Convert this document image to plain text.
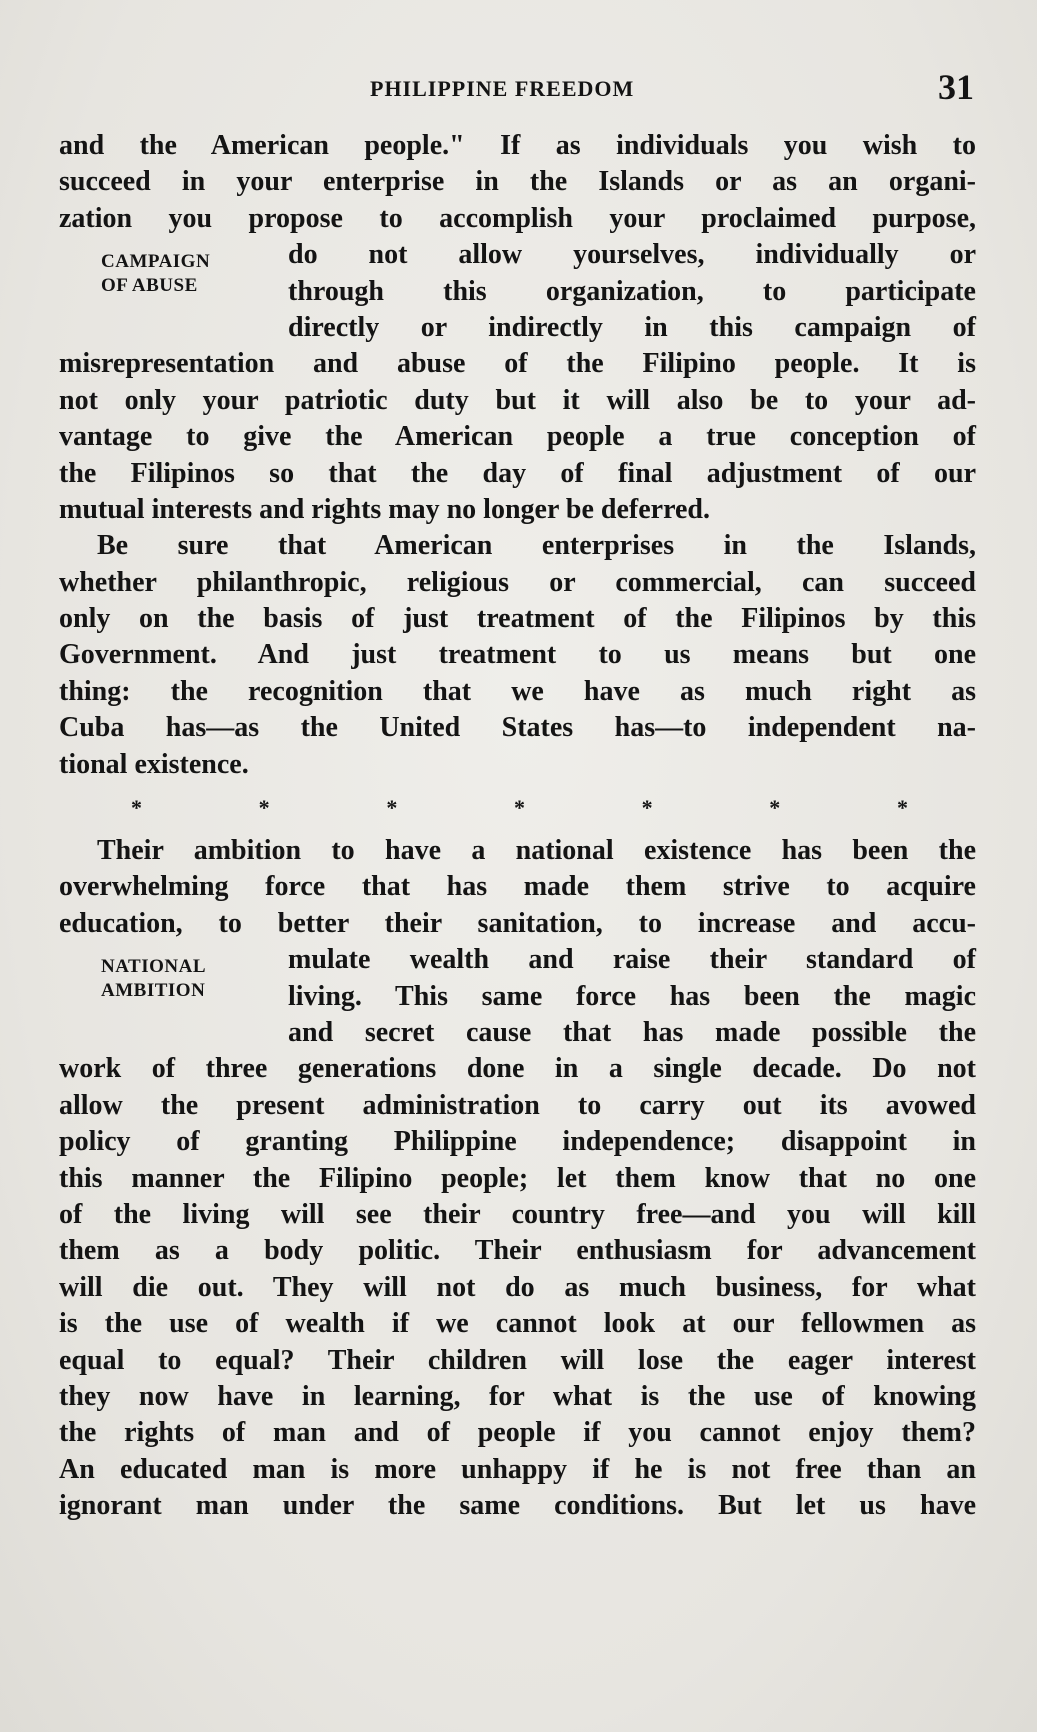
PHILIPPINE FREEDOM	31
and the American people." If as individuals you wish to
succeed in your enterprise in the Islands or as an organi-
zation you propose to accomplish your proclaimed purpose,
CAMPAIGN
OF ABUSE
do not allow yourselves, individually or
through this organization, to participate
directly or indirectly in this campaign of
misrepresentation and abuse of the Filipino people. It is
not only your patriotic duty but it will also be to your ad-
vantage to give the American people a true conception of
the Filipinos so that the day of final adjustment of our
mutual interests and rights may no longer be deferred.
Be sure that American enterprises in the Islands,
whether philanthropic, religious or commercial, can succeed
only on the basis of just treatment of the Filipinos by this
Government. And just treatment to us means but one
thing: the recognition that we have as much right as
Cuba has—as the United States has—to independent na-
tional existence.
*	*	*	*	*	*	*
Their ambition to have a national existence has been the
overwhelming force that has made them strive to acquire
education, to better their sanitation, to increase and accu-
NATIONAL
AMBITION
mulate wealth and raise their standard of
living. This same force has been the magic
and secret cause that has made possible the
work of three generations done in a single decade. Do not
allow the present administration to carry out its avowed
policy of granting Philippine independence; disappoint in
this manner the Filipino people; let them know that no one
of the living will see their country free—and you will kill
them as a body politic. Their enthusiasm for advancement
will die out. They will not do as much business, for what
is the use of wealth if we cannot look at our fellowmen as
equal to equal? Their children will lose the eager interest
they now have in learning, for what is the use of knowing
the rights of man and of people if you cannot enjoy them?
An educated man is more unhappy if he is not free than an
ignorant man under the same conditions. But let us have
